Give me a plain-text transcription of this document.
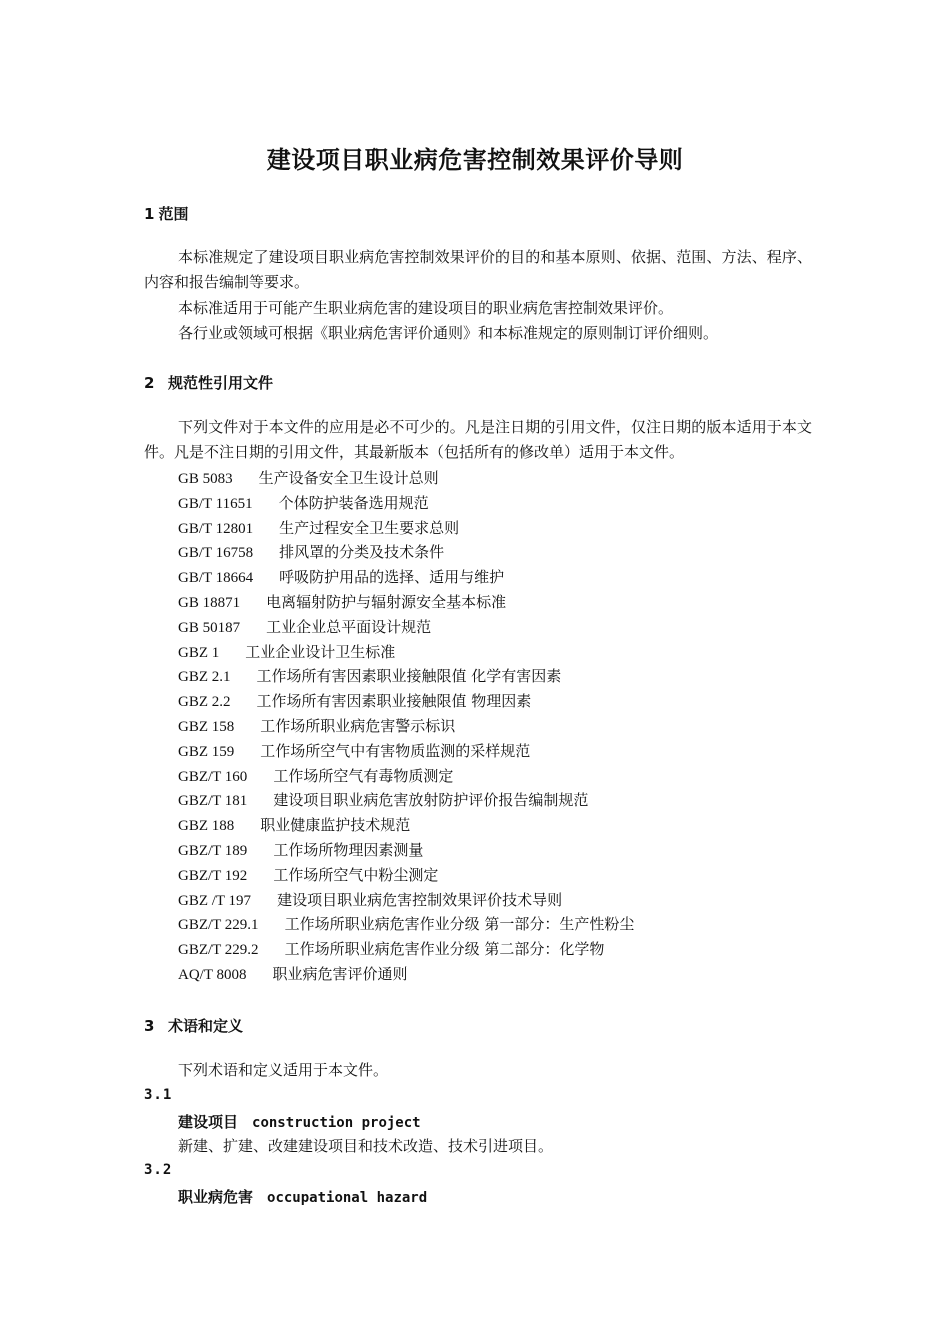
建设项目职业病危害控制效果评价导则
1 范围
本标准规定了建设项目职业病危害控制效果评价的目的和基本原则、依据、范围、方法、程序、内容和报告编制等要求。
本标准适用于可能产生职业病危害的建设项目的职业病危害控制效果评价。
各行业或领域可根据《职业病危害评价通则》和本标准规定的原则制订评价细则。
2 规范性引用文件
下列文件对于本文件的应用是必不可少的。凡是注日期的引用文件，仅注日期的版本适用于本文件。凡是不注日期的引用文件，其最新版本（包括所有的修改单）适用于本文件。
GB 5083 生产设备安全卫生设计总则
GB/T 11651 个体防护装备选用规范
GB/T 12801 生产过程安全卫生要求总则
GB/T 16758 排风罩的分类及技术条件
GB/T 18664 呼吸防护用品的选择、适用与维护
GB 18871 电离辐射防护与辐射源安全基本标准
GB 50187 工业企业总平面设计规范
GBZ 1 工业企业设计卫生标准
GBZ 2.1 工作场所有害因素职业接触限值 化学有害因素
GBZ 2.2 工作场所有害因素职业接触限值 物理因素
GBZ 158 工作场所职业病危害警示标识
GBZ 159 工作场所空气中有害物质监测的采样规范
GBZ/T 160 工作场所空气有毒物质测定
GBZ/T 181 建设项目职业病危害放射防护评价报告编制规范
GBZ 188 职业健康监护技术规范
GBZ/T 189 工作场所物理因素测量
GBZ/T 192 工作场所空气中粉尘测定
GBZ /T 197 建设项目职业病危害控制效果评价技术导则
GBZ/T 229.1 工作场所职业病危害作业分级 第一部分：生产性粉尘
GBZ/T 229.2 工作场所职业病危害作业分级 第二部分：化学物
AQ/T 8008 职业病危害评价通则
3 术语和定义
下列术语和定义适用于本文件。
3.1
建设项目 construction project
新建、扩建、改建建设项目和技术改造、技术引进项目。
3.2
职业病危害 occupational hazard
